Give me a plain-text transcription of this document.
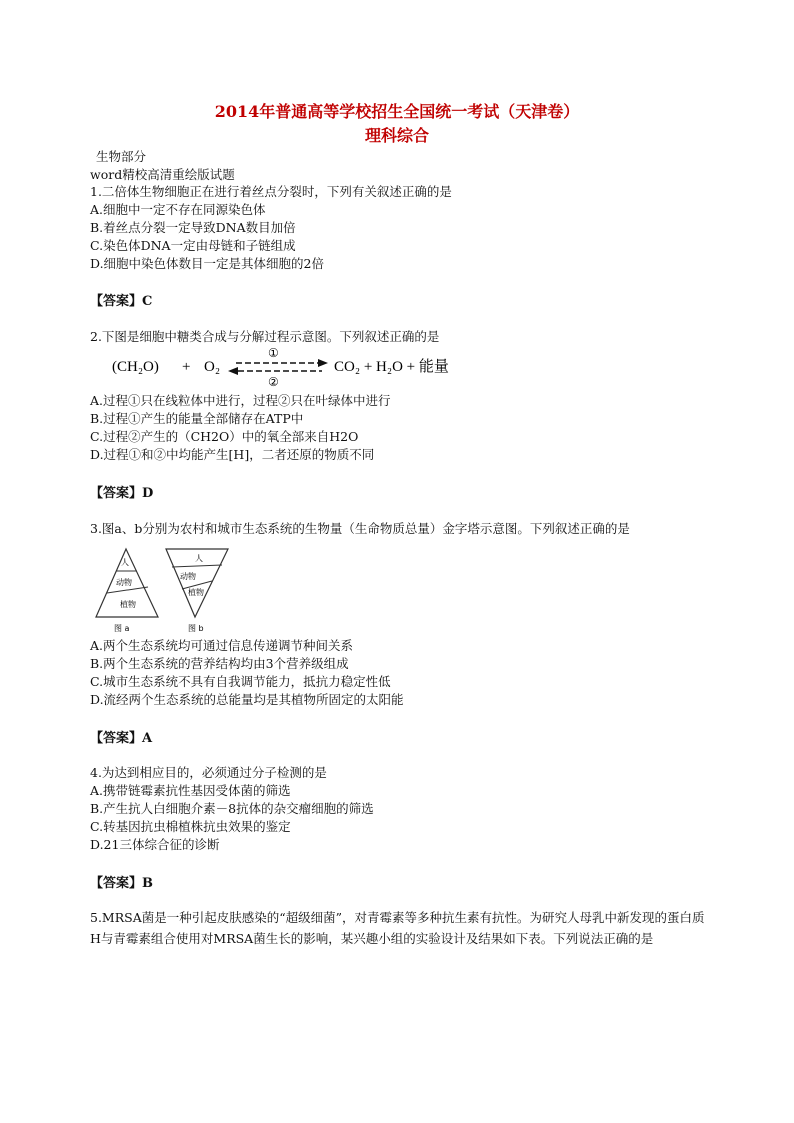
2014年普通高等学校招生全国统一考试（天津卷）
理科综合
生物部分
word精校高清重绘版试题
1.二倍体生物细胞正在进行着丝点分裂时，下列有关叙述正确的是
A.细胞中一定不存在同源染色体
B.着丝点分裂一定导致DNA数目加倍
C.染色体DNA一定由母链和子链组成
D.细胞中染色体数目一定是其体细胞的2倍
【答案】C
2.下图是细胞中糖类合成与分解过程示意图。下列叙述正确的是
(CH₂O) + O₂
①
②
CO₂ + H₂O + 能量
A.过程①只在线粒体中进行，过程②只在叶绿体中进行
B.过程①产生的能量全部储存在ATP中
C.过程②产生的（CH2O）中的氧全部来自H2O
D.过程①和②中均能产生[H]，二者还原的物质不同
【答案】D
3.图a、b分别为农村和城市生态系统的生物量（生命物质总量）金字塔示意图。下列叙述正确的是
人
动物
植物
图 a
人
动物
植物
图 b
A.两个生态系统均可通过信息传递调节种间关系
B.两个生态系统的营养结构均由3个营养级组成
C.城市生态系统不具有自我调节能力，抵抗力稳定性低
D.流经两个生态系统的总能量均是其植物所固定的太阳能
【答案】A
4.为达到相应目的，必须通过分子检测的是
A.携带链霉素抗性基因受体菌的筛选
B.产生抗人白细胞介素－8抗体的杂交瘤细胞的筛选
C.转基因抗虫棉植株抗虫效果的鉴定
D.21三体综合征的诊断
【答案】B
5.MRSA菌是一种引起皮肤感染的“超级细菌”，对青霉素等多种抗生素有抗性。为研究人母乳中新发现的蛋白质H与青霉素组合使用对MRSA菌生长的影响，某兴趣小组的实验设计及结果如下表。下列说法正确的是
